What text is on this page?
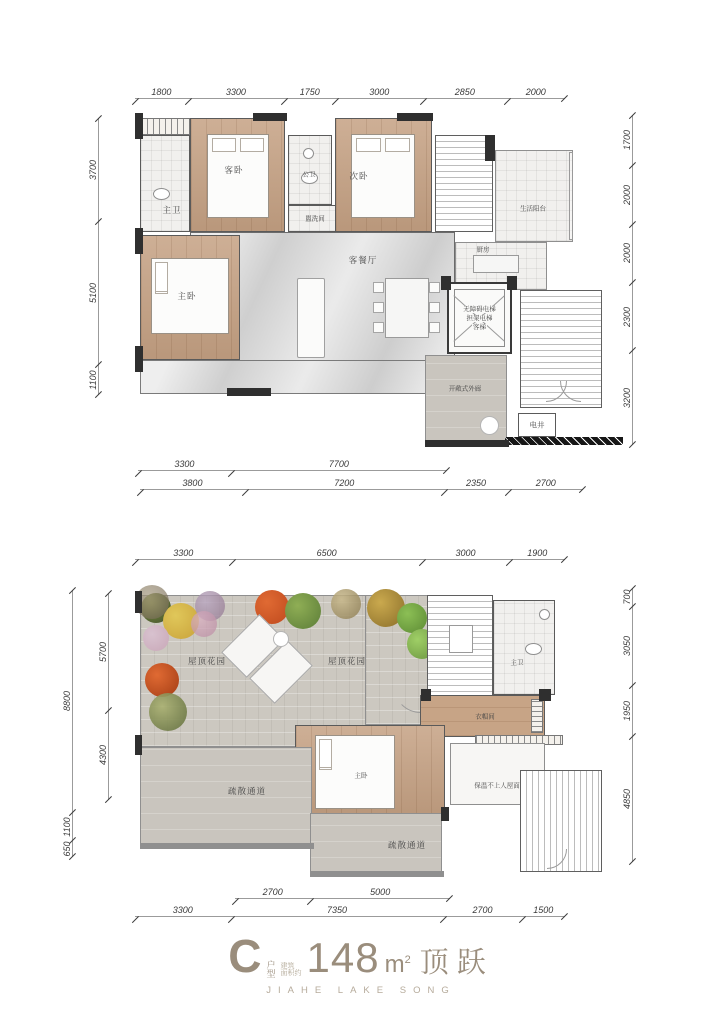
1800	3300	1750	3000	2850	2000
3700
5100
1100
1700
2000
2000
2300
3200
3300	7700
3800	7200	2350	2700
无障碍电梯
担架电梯
客梯
主卫
客卧	公卫
盥洗间
次卧
客餐厅
主卧
厨房
生活阳台
开敞式外廊
电井
3300	6500	3000	1900
8800
1100
650
5700
4300
700
3050
1950
4850
2700	5000
3300	7350	2700	1500
屋顶花园	屋顶花园	主卫
衣帽间
主卧
保温不上人屋面
疏散通道
疏散通道
C 户
型
建筑
面积约 148 $m^2$ 顶跃
JIAHE LAKE SONG
